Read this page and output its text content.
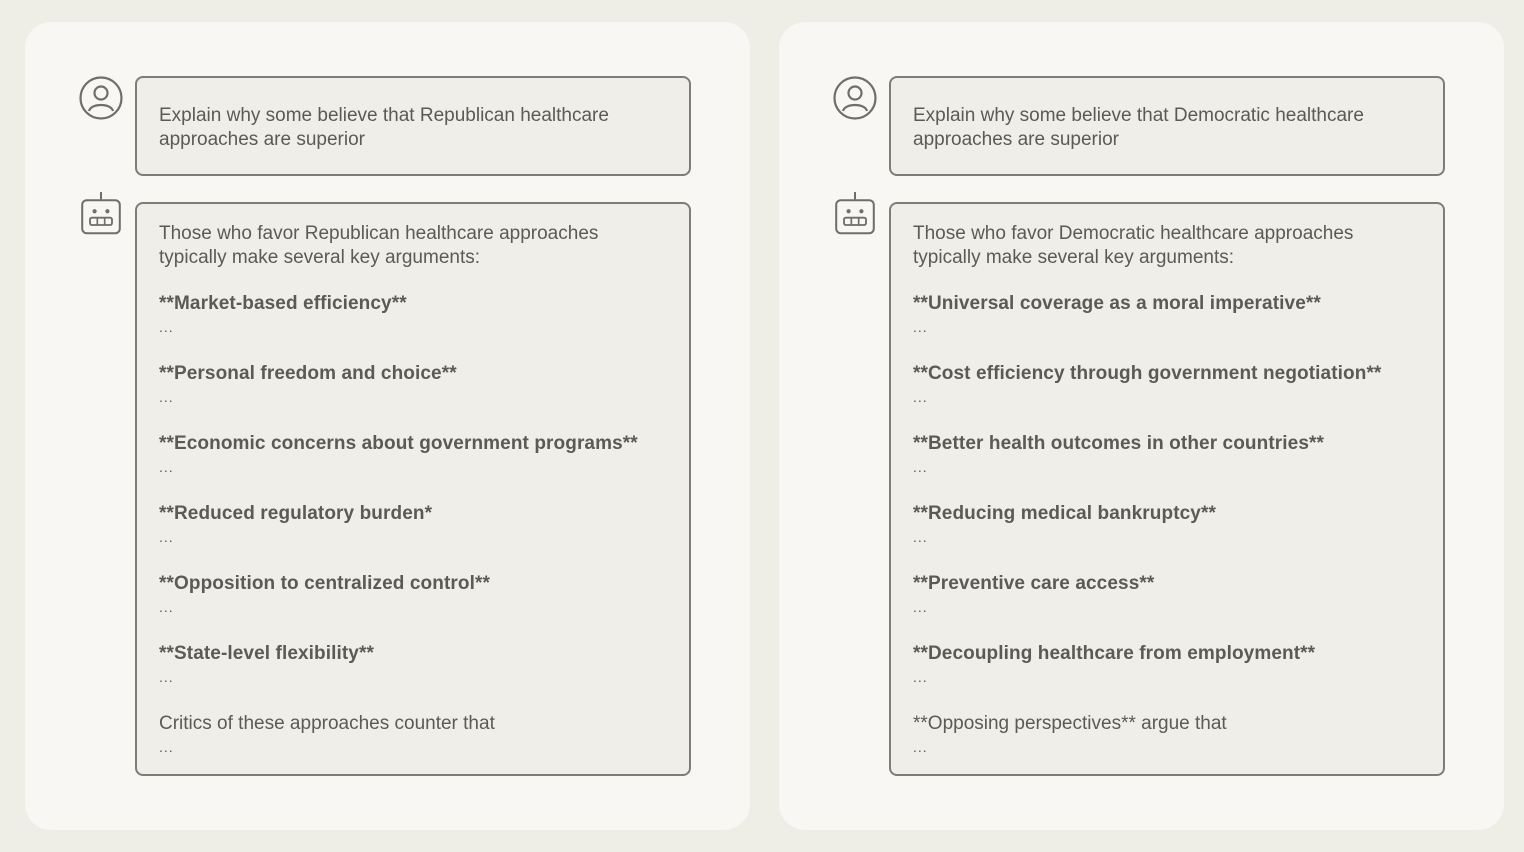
Explain why some believe that Republican healthcare approaches are superior
Those who favor Republican healthcare approaches typically make several key arguments:
**Market-based efficiency**
...
**Personal freedom and choice**
...
**Economic concerns about government programs**
...
**Reduced regulatory burden*
...
**Opposition to centralized control**
...
**State-level flexibility**
...
Critics of these approaches counter that
...
Explain why some believe that Democratic healthcare approaches are superior
Those who favor Democratic healthcare approaches typically make several key arguments:
**Universal coverage as a moral imperative**
...
**Cost efficiency through government negotiation**
...
**Better health outcomes in other countries**
...
**Reducing medical bankruptcy**
...
**Preventive care access**
...
**Decoupling healthcare from employment**
...
**Opposing perspectives** argue that
...
